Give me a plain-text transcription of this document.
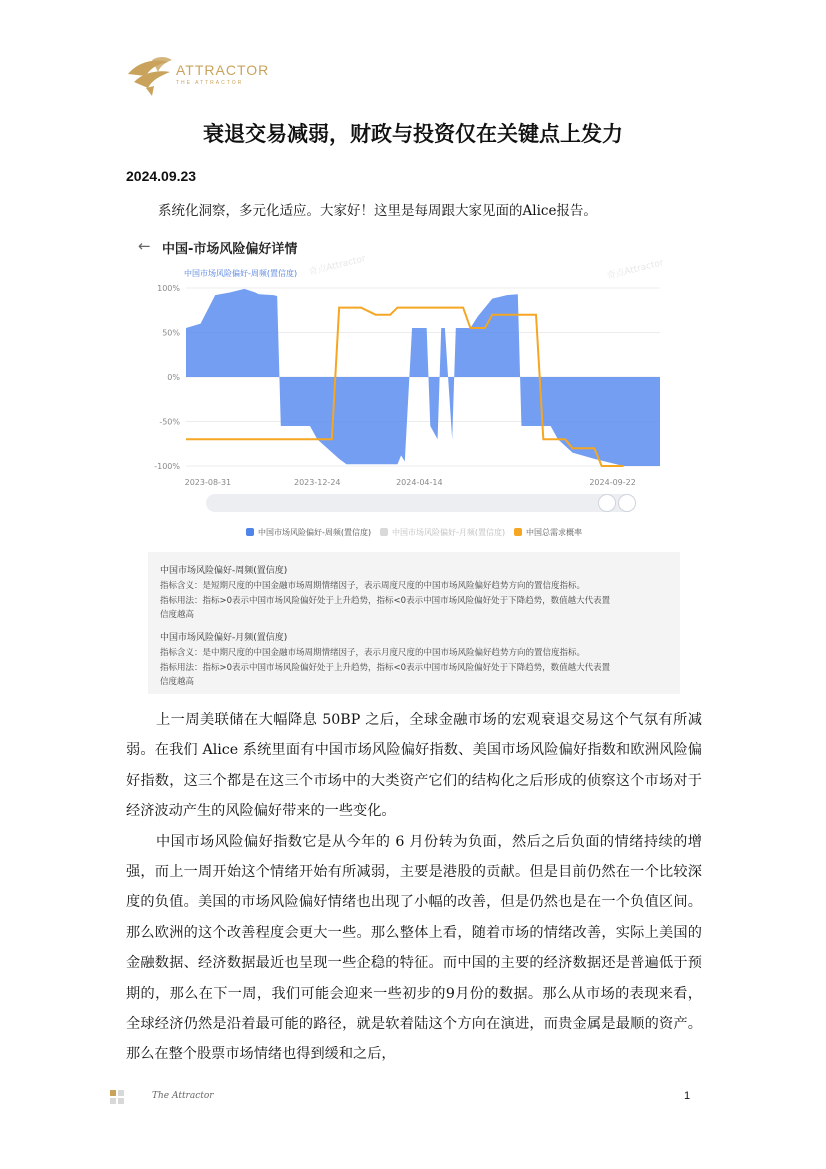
ATTRACTOR
THE ATTRACTOR
衰退交易减弱，财政与投资仅在关键点上发力
2024.09.23
系统化洞察，多元化适应。大家好！这里是每周跟大家见面的Alice报告。
← 中国-市场风险偏好详情
中国市场风险偏好-周频(置信度) 奇点Attractor	奇点Attractor
100%
50%
0%
-50%
-100%
2023-08-31	2023-12-24	2024-04-14	2024-09-22
中国市场风险偏好-周频(置信度)	中国市场风险偏好-月频(置信度)	中国总需求概率
中国市场风险偏好-周频(置信度)
指标含义：是短期尺度的中国金融市场周期情绪因子，表示周度尺度的中国市场风险偏好趋势方向的置信度指标。
指标用法：指标>0表示中国市场风险偏好处于上升趋势，指标<0表示中国市场风险偏好处于下降趋势，数值越大代表置
信度越高
中国市场风险偏好-月频(置信度)
指标含义：是中期尺度的中国金融市场周期情绪因子，表示月度尺度的中国市场风险偏好趋势方向的置信度指标。
指标用法：指标>0表示中国市场风险偏好处于上升趋势，指标<0表示中国市场风险偏好处于下降趋势，数值越大代表置
信度越高

上一周美联储在大幅降息 50BP 之后，全球金融市场的宏观衰退交易这个气氛有所减弱。在我们 Alice 系统里面有中国市场风险偏好指数、美国市场风险偏好指数和欧洲风险偏好指数，这三个都是在这三个市场中的大类资产它们的结构化之后形成的侦察这个市场对于经济波动产生的风险偏好带来的一些变化。

中国市场风险偏好指数它是从今年的 6 月份转为负面，然后之后负面的情绪持续的增强，而上一周开始这个情绪开始有所减弱，主要是港股的贡献。但是目前仍然在一个比较深度的负值。美国的市场风险偏好情绪也出现了小幅的改善，但是仍然也是在一个负值区间。那么欧洲的这个改善程度会更大一些。那么整体上看，随着市场的情绪改善，实际上美国的金融数据、经济数据最近也呈现一些企稳的特征。而中国的主要的经济数据还是普遍低于预期的，那么在下一周，我们可能会迎来一些初步的9月份的数据。那么从市场的表现来看，全球经济仍然是沿着最可能的路径，就是软着陆这个方向在演进，而贵金属是最顺的资产。那么在整个股票市场情绪也得到缓和之后，

The Attractor	1
